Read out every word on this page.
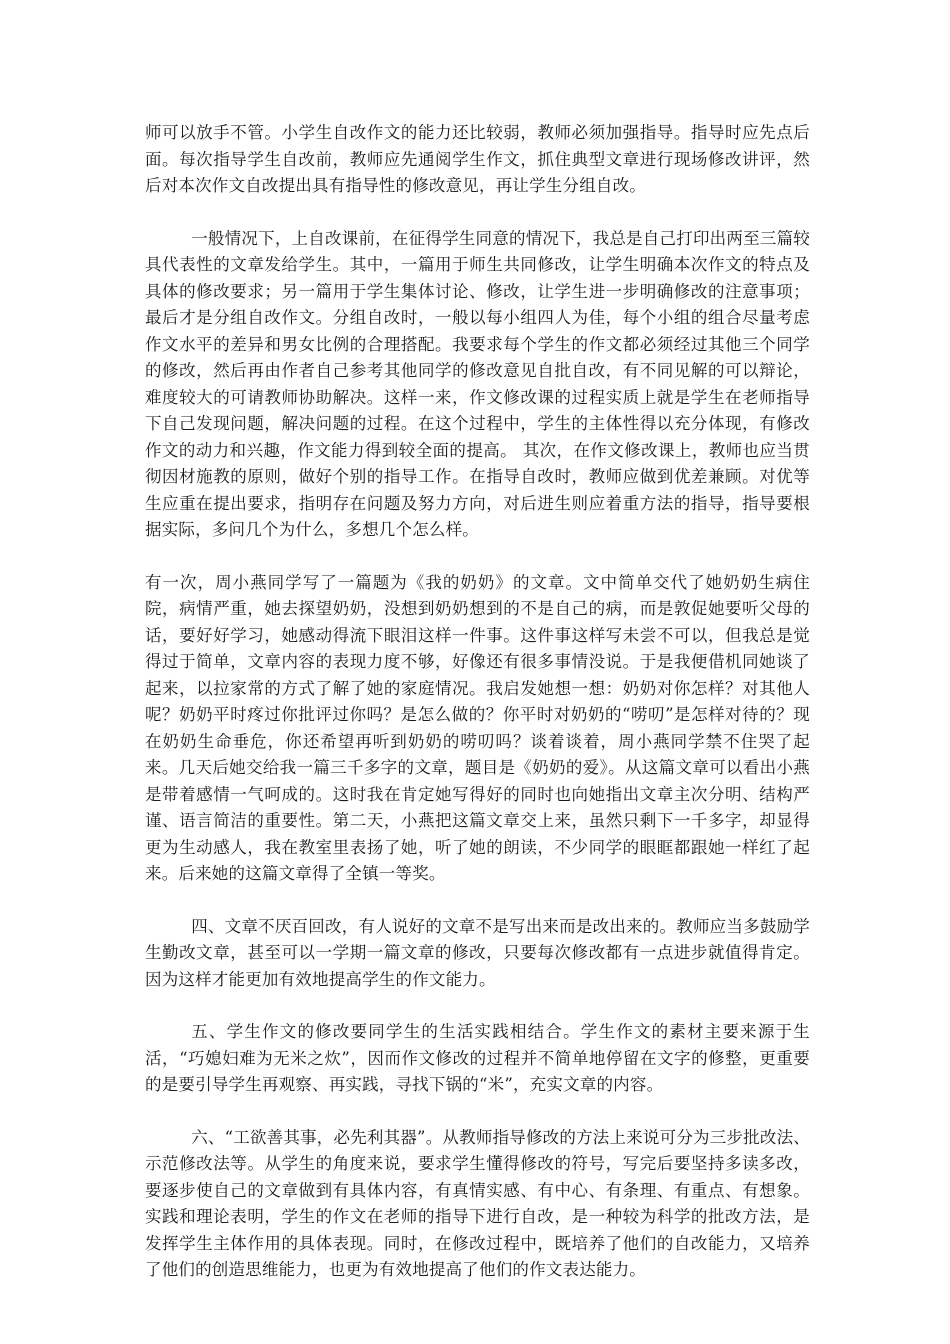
师可以放手不管。小学生自改作文的能力还比较弱，教师必须加强指导。指导时应先点后面。每次指导学生自改前，教师应先通阅学生作文，抓住典型文章进行现场修改讲评，然后对本次作文自改提出具有指导性的修改意见，再让学生分组自改。

一般情况下，上自改课前，在征得学生同意的情况下，我总是自己打印出两至三篇较具代表性的文章发给学生。其中，一篇用于师生共同修改，让学生明确本次作文的特点及具体的修改要求；另一篇用于学生集体讨论、修改，让学生进一步明确修改的注意事项；最后才是分组自改作文。分组自改时，一般以每小组四人为佳，每个小组的组合尽量考虑作文水平的差异和男女比例的合理搭配。我要求每个学生的作文都必须经过其他三个同学的修改，然后再由作者自己参考其他同学的修改意见自批自改，有不同见解的可以辩论，难度较大的可请教师协助解决。这样一来，作文修改课的过程实质上就是学生在老师指导下自己发现问题，解决问题的过程。在这个过程中，学生的主体性得以充分体现，有修改作文的动力和兴趣，作文能力得到较全面的提高。 其次，在作文修改课上，教师也应当贯彻因材施教的原则，做好个别的指导工作。在指导自改时，教师应做到优差兼顾。对优等生应重在提出要求，指明存在问题及努力方向，对后进生则应着重方法的指导，指导要根据实际，多问几个为什么，多想几个怎么样。

有一次，周小燕同学写了一篇题为《我的奶奶》的文章。文中简单交代了她奶奶生病住院，病情严重，她去探望奶奶，没想到奶奶想到的不是自己的病，而是敦促她要听父母的话，要好好学习，她感动得流下眼泪这样一件事。这件事这样写未尝不可以，但我总是觉得过于简单，文章内容的表现力度不够，好像还有很多事情没说。于是我便借机同她谈了起来，以拉家常的方式了解了她的家庭情况。我启发她想一想：奶奶对你怎样？对其他人呢？奶奶平时疼过你批评过你吗？是怎么做的？你平时对奶奶的“唠叨”是怎样对待的？现在奶奶生命垂危，你还希望再听到奶奶的唠叨吗？谈着谈着，周小燕同学禁不住哭了起来。几天后她交给我一篇三千多字的文章，题目是《奶奶的爱》。从这篇文章可以看出小燕是带着感情一气呵成的。这时我在肯定她写得好的同时也向她指出文章主次分明、结构严谨、语言简洁的重要性。第二天，小燕把这篇文章交上来，虽然只剩下一千多字，却显得更为生动感人，我在教室里表扬了她，听了她的朗读，不少同学的眼眶都跟她一样红了起来。后来她的这篇文章得了全镇一等奖。

四、文章不厌百回改，有人说好的文章不是写出来而是改出来的。教师应当多鼓励学生勤改文章，甚至可以一学期一篇文章的修改，只要每次修改都有一点进步就值得肯定。因为这样才能更加有效地提高学生的作文能力。

五、学生作文的修改要同学生的生活实践相结合。学生作文的素材主要来源于生活，“巧媳妇难为无米之炊”，因而作文修改的过程并不简单地停留在文字的修整，更重要的是要引导学生再观察、再实践，寻找下锅的“米”，充实文章的内容。

六、“工欲善其事，必先利其器”。从教师指导修改的方法上来说可分为三步批改法、示范修改法等。从学生的角度来说，要求学生懂得修改的符号，写完后要坚持多读多改，要逐步使自己的文章做到有具体内容，有真情实感、有中心、有条理、有重点、有想象。 实践和理论表明，学生的作文在老师的指导下进行自改，是一种较为科学的批改方法，是发挥学生主体作用的具体表现。同时，在修改过程中，既培养了他们的自改能力，又培养了他们的创造思维能力，也更为有效地提高了他们的作文表达能力。
